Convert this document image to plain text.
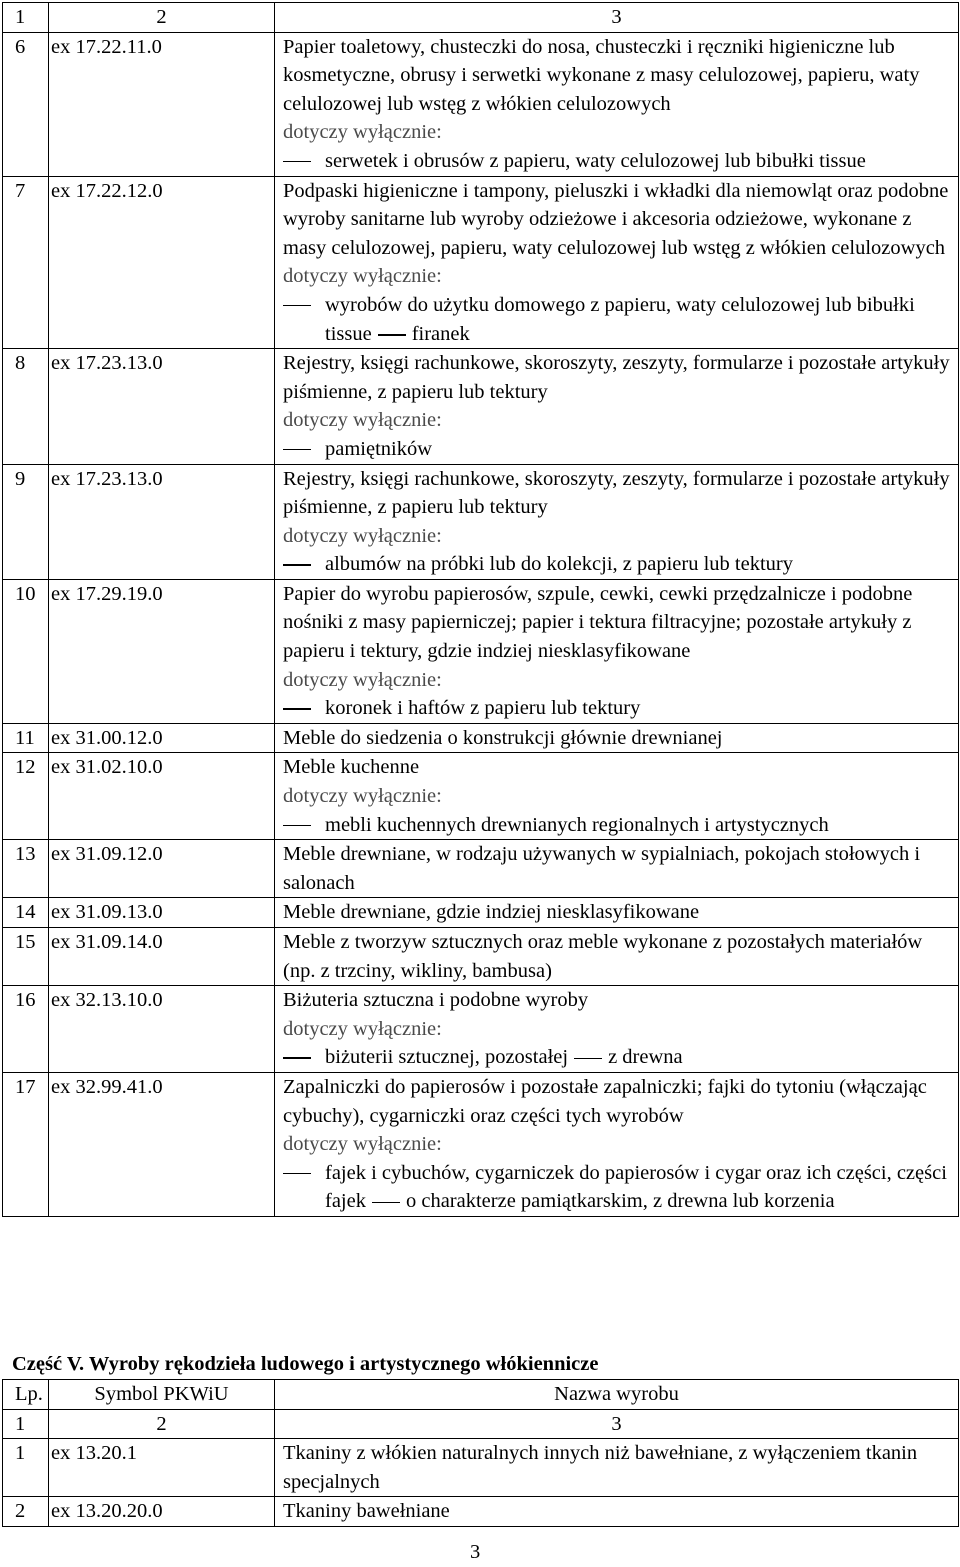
1	2	3
6	ex 17.22.11.0	Papier toaletowy, chusteczki do nosa, chusteczki i ręczniki higieniczne lub kosmetyczne, obrusy i serwetki wykonane z masy celulozowej, papieru, waty celulozowej lub wstęg z włókien celulozowych
dotyczy wyłącznie:
serwetek i obrusów z papieru, waty celulozowej lub bibułki tissue

7	ex 17.22.12.0	Podpaski higieniczne i tampony, pieluszki i wkładki dla niemowląt oraz podobne wyroby sanitarne lub wyroby odzieżowe i akcesoria odzieżowe, wykonane z masy celulozowej, papieru, waty celulozowej lub wstęg z włókien celulozowych
dotyczy wyłącznie:
wyrobów do użytku domowego z papieru, waty celulozowej lub bibułki tissue firanek

8	ex 17.23.13.0	Rejestry, księgi rachunkowe, skoroszyty, zeszyty, formularze i pozostałe artykuły piśmienne, z papieru lub tektury
dotyczy wyłącznie:
pamiętników

9	ex 17.23.13.0	Rejestry, księgi rachunkowe, skoroszyty, zeszyty, formularze i pozostałe artykuły piśmienne, z papieru lub tektury
dotyczy wyłącznie:
albumów na próbki lub do kolekcji, z papieru lub tektury

10	ex 17.29.19.0	Papier do wyrobu papierosów, szpule, cewki, cewki przędzalnicze i podobne nośniki z masy papierniczej; papier i tektura filtracyjne; pozostałe artykuły z papieru i tektury, gdzie indziej niesklasyfikowane
dotyczy wyłącznie:
koronek i haftów z papieru lub tektury

11	ex 31.00.12.0	Meble do siedzenia o konstrukcji głównie drewnianej
12	ex 31.02.10.0	Meble kuchenne
dotyczy wyłącznie:
mebli kuchennych drewnianych regionalnych i artystycznych

13	ex 31.09.12.0	Meble drewniane, w rodzaju używanych w sypialniach, pokojach stołowych i salonach
14	ex 31.09.13.0	Meble drewniane, gdzie indziej niesklasyfikowane
15	ex 31.09.14.0	Meble z tworzyw sztucznych oraz meble wykonane z pozostałych materiałów (np. z trzciny, wikliny, bambusa)
16	ex 32.13.10.0	Biżuteria sztuczna i podobne wyroby
dotyczy wyłącznie:
biżuterii sztucznej, pozostałej z drewna

17	ex 32.99.41.0	Zapalniczki do papierosów i pozostałe zapalniczki; fajki do tytoniu (włączając cybuchy), cygarniczki oraz części tych wyrobów
dotyczy wyłącznie:
fajek i cybuchów, cygarniczek do papierosów i cygar oraz ich części, części fajek o charakterze pamiątkarskim, z drewna lub korzenia
Część V. Wyroby rękodzieła ludowego i artystycznego włókiennicze
Lp.	Symbol PKWiU	Nazwa wyrobu
1	2	3
1	ex 13.20.1	Tkaniny z włókien naturalnych innych niż bawełniane, z wyłączeniem tkanin specjalnych
2	ex 13.20.20.0	Tkaniny bawełniane
3
